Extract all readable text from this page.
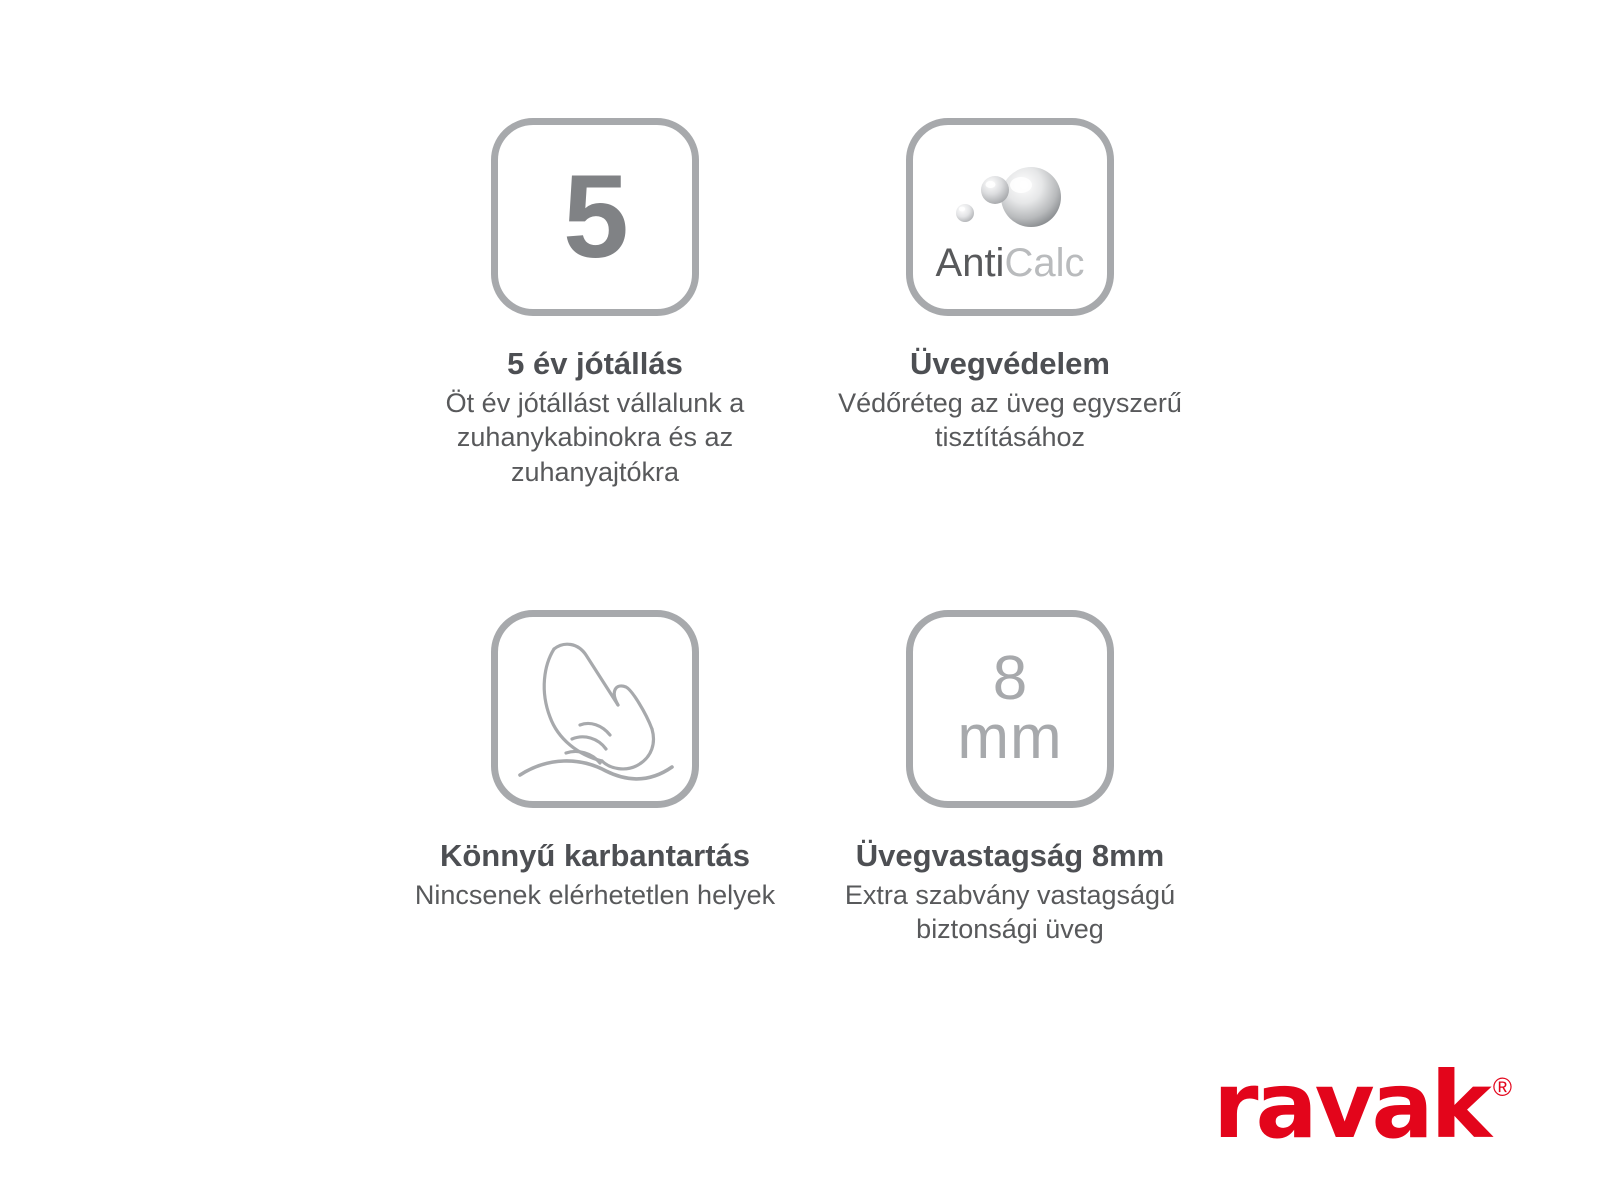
5
5 év jótállás
Öt év jótállást vállalunk a zuhanykabinokra és az zuhanyajtókra
AntiCalc
Üvegvédelem
Védőréteg az üveg egyszerű tisztításához
Könnyű karbantartás
Nincsenek elérhetetlen helyek
8
mm
Üvegvastagság 8mm
Extra szabvány vastagságú biztonsági üveg
ravak ®
